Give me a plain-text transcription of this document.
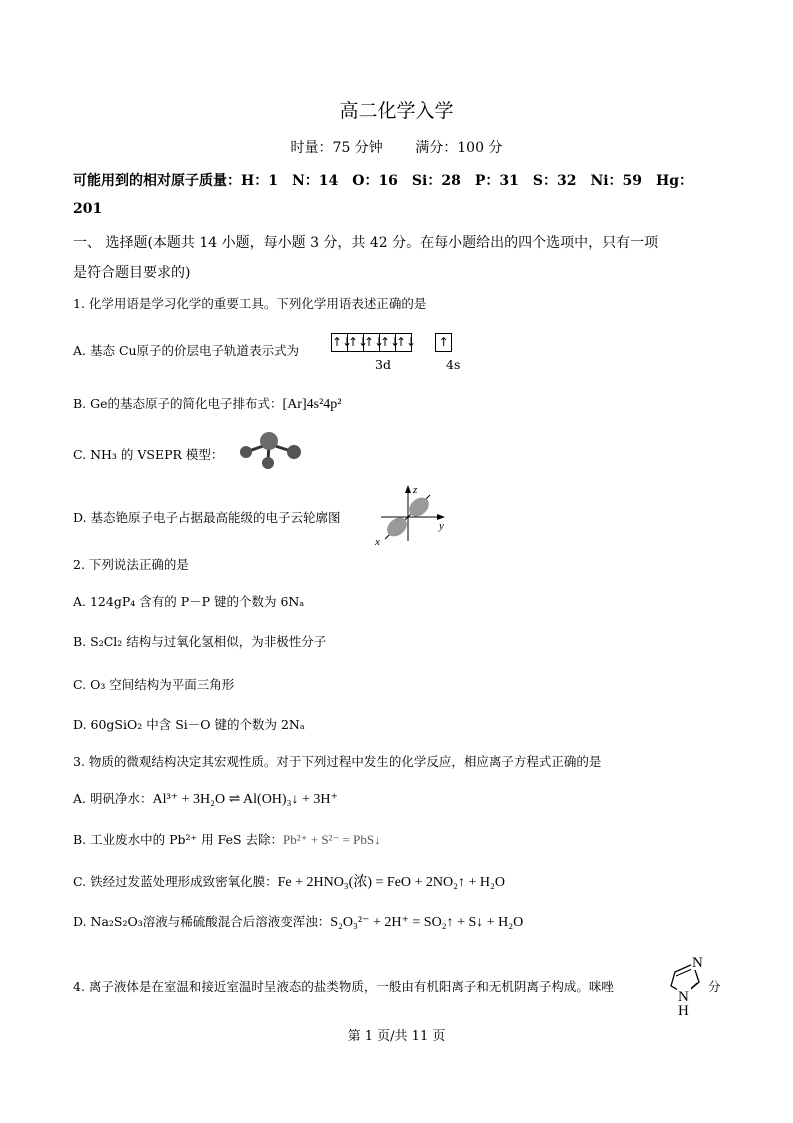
高二化学入学
时量：75 分钟 满分：100 分
可能用到的相对原子质量：H：1　N：14　O：16　Si：28　P：31　S：32　Ni：59　Hg：
201
一、 选择题(本题共 14 小题，每小题 3 分，共 42 分。在每小题给出的四个选项中，只有一项
是符合题目要求的)
1. 化学用语是学习化学的重要工具。下列化学用语表述正确的是
A. 基态 Cu原子的价层电子轨道表示式为
↑↓
↑↓
↑↓
↑↓
↑↓
↑
3d	4s
B. Ge的基态原子的简化电子排布式：[Ar]4s²4p²
C. NH₃ 的 VSEPR 模型：
D. 基态铯原子电子占据最高能级的电子云轮廓图
z
y
x
2. 下列说法正确的是
A. 124gP₄ 含有的 P－P 键的个数为 6Nₐ
B. S₂Cl₂ 结构与过氧化氢相似，为非极性分子
C. O₃ 空间结构为平面三角形
D. 60gSiO₂ 中含 Si－O 键的个数为 2Nₐ
3. 物质的微观结构决定其宏观性质。对于下列过程中发生的化学反应，相应离子方程式正确的是
A. 明矾净水：Al³⁺ + 3H₂O ⇌ Al(OH)₃↓ + 3H⁺
B. 工业废水中的 Pb²⁺ 用 FeS 去除：Pb²⁺ + S²⁻ = PbS↓
C. 铁经过发蓝处理形成致密氧化膜：Fe + 2HNO₃(浓) = FeO + 2NO₂↑ + H₂O
D. Na₂S₂O₃溶液与稀硫酸混合后溶液变浑浊：S₂O₃²⁻ + 2H⁺ = SO₂↑ + S↓ + H₂O
4. 离子液体是在室温和接近室温时呈液态的盐类物质，一般由有机阳离子和无机阴离子构成。咪唑
N
N
H
分
第 1 页/共 11 页
